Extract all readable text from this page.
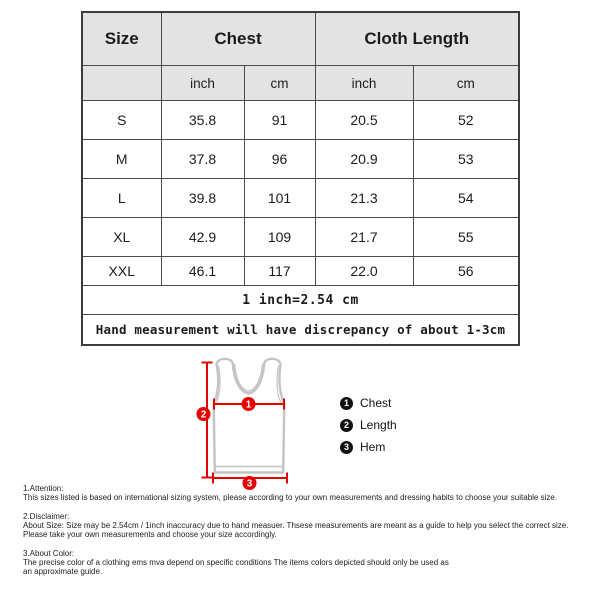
Size	Chest		Cloth Length	
	inch	cm	inch	cm
S	35.8	91	20.5	52
M	37.8	96	20.9	53
L	39.8	101	21.3	54
XL	42.9	109	21.7	55
XXL	46.1	117	22.0	56
1 inch=2.54 cm				
Hand measurement will have discrepancy of about 1-3cm				
1
2
3
1 Chest
2 Length
3 Hem
1.Attention:
This sizes listed is based on international sizing system, please according to your own measurements and dressing habits to choose your suitable size.
2.Disclaimer:
About Size: Size may be 2.54cm / 1inch inaccuracy due to hand measuer. Thsese measurements are meant as a guide to help you select the correct size.
Please take your own measurements and choose your size accordingly.
3.About Color:
The precise color of a clothing ems mva depend on specific conditions The items colors depicted should only be used as
an approximate guide.
